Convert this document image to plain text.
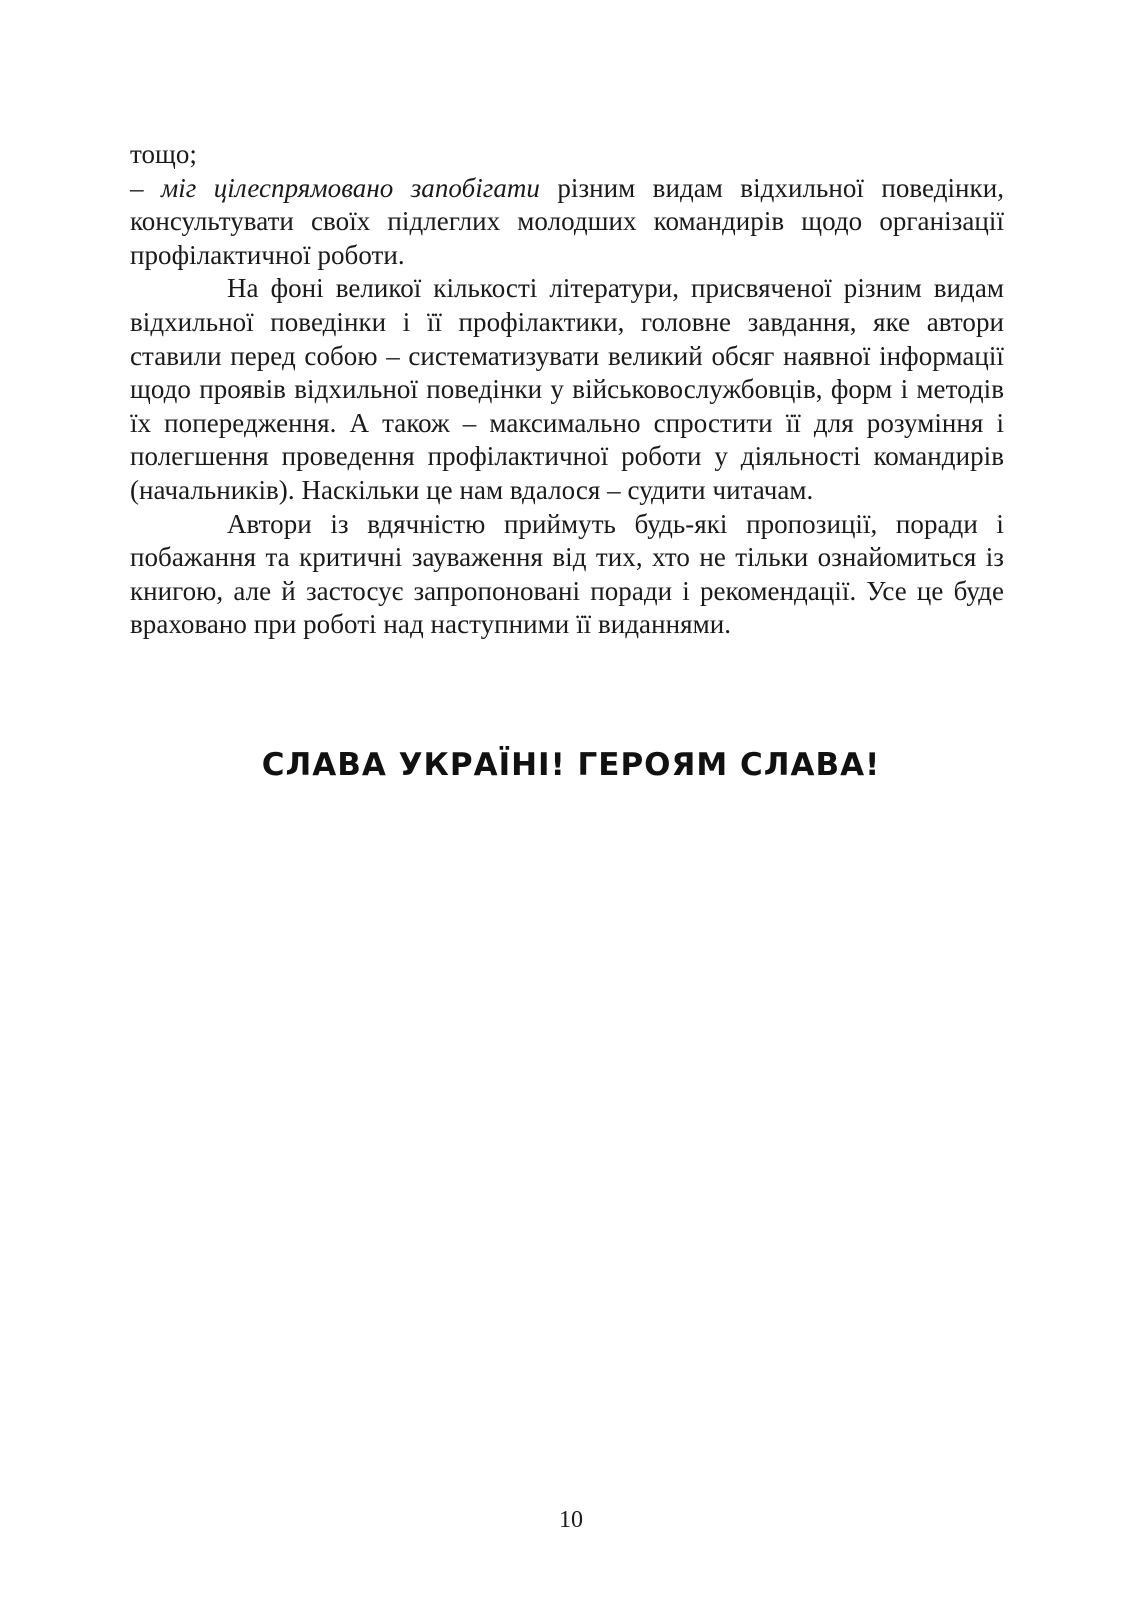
тощо;

– міг цілеспрямовано запобігати різним видам відхильної поведінки, консультувати своїх підлеглих молодших командирів щодо організації профілактичної роботи.

На фоні великої кількості літератури, присвяченої різним видам відхильної поведінки і її профілактики, головне завдання, яке автори ставили перед собою – систематизувати великий обсяг наявної інформації щодо проявів відхильної поведінки у військовослужбовців, форм і методів їх попередження. А також – максимально спростити її для розуміння і полегшення проведення профілактичної роботи у діяльності командирів (начальників). Наскільки це нам вдалося – судити читачам.

Автори із вдячністю приймуть будь-які пропозиції, поради і побажання та критичні зауваження від тих, хто не тільки ознайомиться із книгою, але й застосує запропоновані поради і рекомендації. Усе це буде враховано при роботі над наступними її виданнями.

СЛАВА УКРАЇНІ! ГЕРОЯМ СЛАВА!
10
